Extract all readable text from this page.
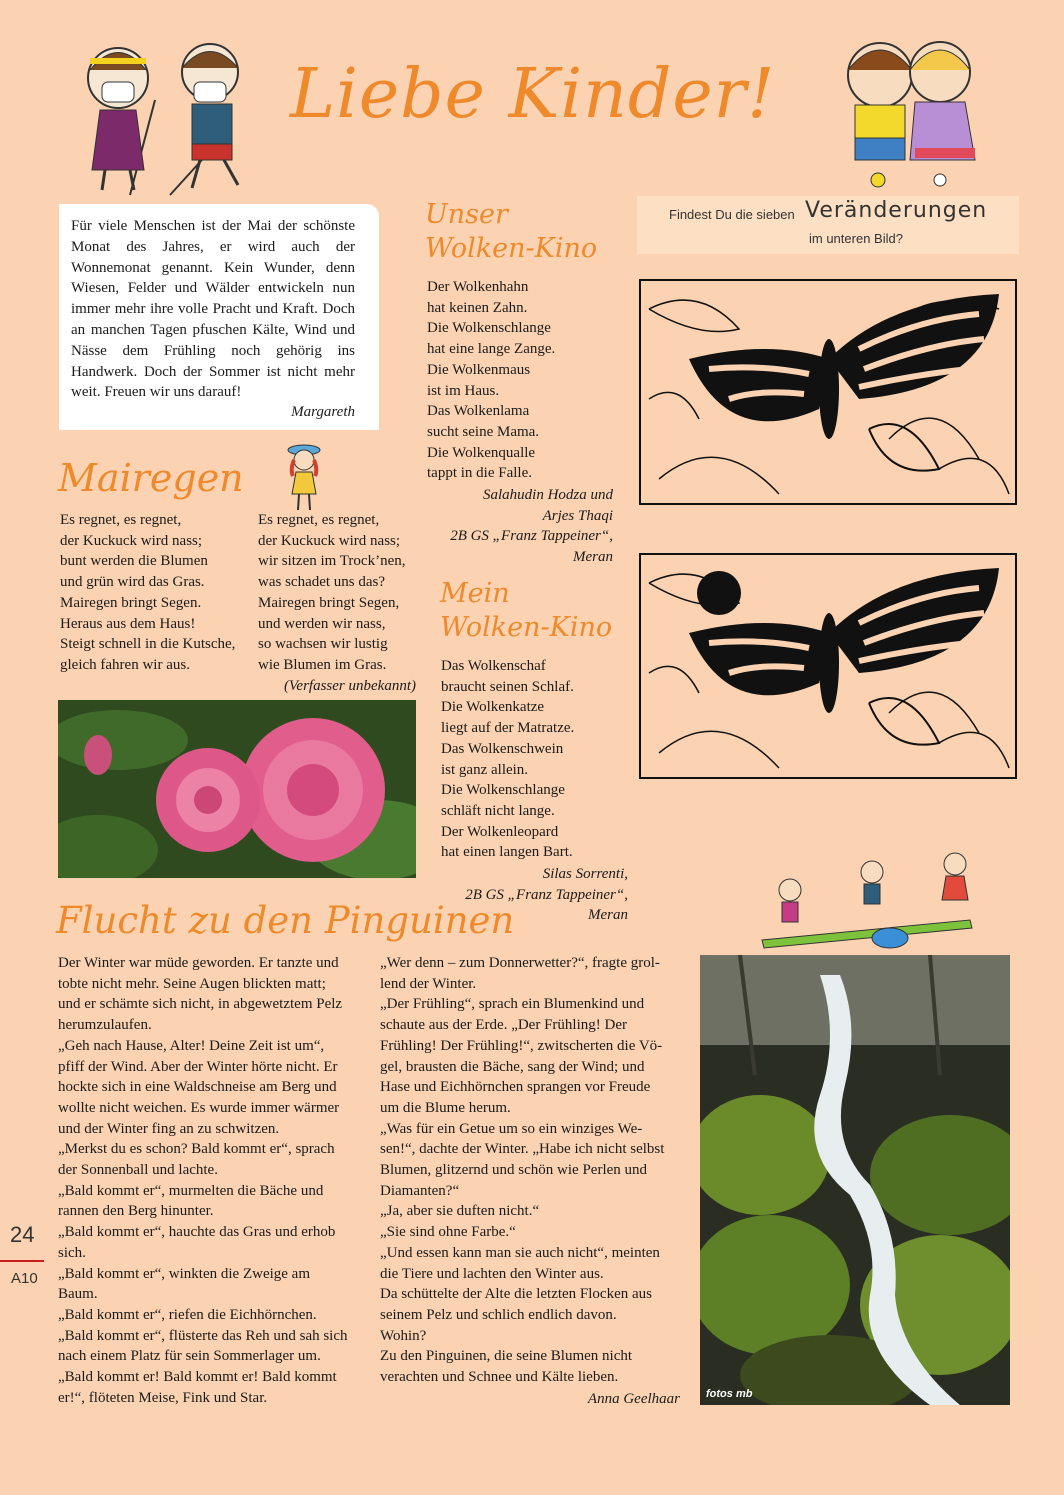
Liebe Kinder!

Für viele Menschen ist der Mai der schönste Monat des Jahres, er wird auch der Wonnemonat genannt. Kein Wunder, denn Wiesen, Felder und Wälder entwickeln nun immer mehr ihre volle Pracht und Kraft. Doch an manchen Tagen pfuschen Kälte, Wind und Nässe dem Frühling noch gehörig ins Handwerk. Doch der Sommer ist nicht mehr weit. Freuen wir uns darauf!

Margareth

Mairegen
Es regnet, es regnet,
der Kuckuck wird nass;
bunt werden die Blumen
und grün wird das Gras.
Mairegen bringt Segen.
Heraus aus dem Haus!
Steigt schnell in die Kutsche,
gleich fahren wir aus.
Es regnet, es regnet,
der Kuckuck wird nass;
wir sitzen im Trock’nen,
was schadet uns das?
Mairegen bringt Segen,
und werden wir nass,
so wachsen wir lustig
wie Blumen im Gras.
(Verfasser unbekannt)
Unser
Wolken-Kino
Der Wolkenhahn
hat keinen Zahn.
Die Wolkenschlange
hat eine lange Zange.
Die Wolkenmaus
ist im Haus.
Das Wolkenlama
sucht seine Mama.
Die Wolkenqualle
tappt in die Falle.
Salahudin Hodza und
Arjes Thaqi
2B GS „Franz Tappeiner“,
Meran
Mein
Wolken-Kino
Das Wolkenschaf
braucht seinen Schlaf.
Die Wolkenkatze
liegt auf der Matratze.
Das Wolkenschwein
ist ganz allein.
Die Wolkenschlange
schläft nicht lange.
Der Wolkenleopard
hat einen langen Bart.
Silas Sorrenti,
2B GS „Franz Tappeiner“,
Meran
Findest Du die sieben Veränderungen
im unteren Bild?
Flucht zu den Pinguinen
Der Winter war müde geworden. Er tanzte und
tobte nicht mehr. Seine Augen blickten matt;
und er schämte sich nicht, in abgewetztem Pelz
herumzulaufen.
„Geh nach Hause, Alter! Deine Zeit ist um“,
pfiff der Wind. Aber der Winter hörte nicht. Er
hockte sich in eine Waldschneise am Berg und
wollte nicht weichen. Es wurde immer wärmer
und der Winter fing an zu schwitzen.
„Merkst du es schon? Bald kommt er“, sprach
der Sonnenball und lachte.
„Bald kommt er“, murmelten die Bäche und
rannen den Berg hinunter.
„Bald kommt er“, hauchte das Gras und erhob
sich.
„Bald kommt er“, winkten die Zweige am
Baum.
„Bald kommt er“, riefen die Eichhörnchen.
„Bald kommt er“, flüsterte das Reh und sah sich
nach einem Platz für sein Sommerlager um.
„Bald kommt er! Bald kommt er! Bald kommt
er!“, flöteten Meise, Fink und Star.
„Wer denn – zum Donnerwetter?“, fragte grol-
lend der Winter.
„Der Frühling“, sprach ein Blumenkind und
schaute aus der Erde. „Der Frühling! Der
Frühling! Der Frühling!“, zwitscherten die Vö-
gel, brausten die Bäche, sang der Wind; und
Hase und Eichhörnchen sprangen vor Freude
um die Blume herum.
„Was für ein Getue um so ein winziges We-
sen!“, dachte der Winter. „Habe ich nicht selbst
Blumen, glitzernd und schön wie Perlen und
Diamanten?“
„Ja, aber sie duften nicht.“
„Sie sind ohne Farbe.“
„Und essen kann man sie auch nicht“, meinten
die Tiere und lachten den Winter aus.
Da schüttelte der Alte die letzten Flocken aus
seinem Pelz und schlich endlich davon.
Wohin?
Zu den Pinguinen, die seine Blumen nicht
verachten und Schnee und Kälte lieben.
Anna Geelhaar fotos mb
24
A10
